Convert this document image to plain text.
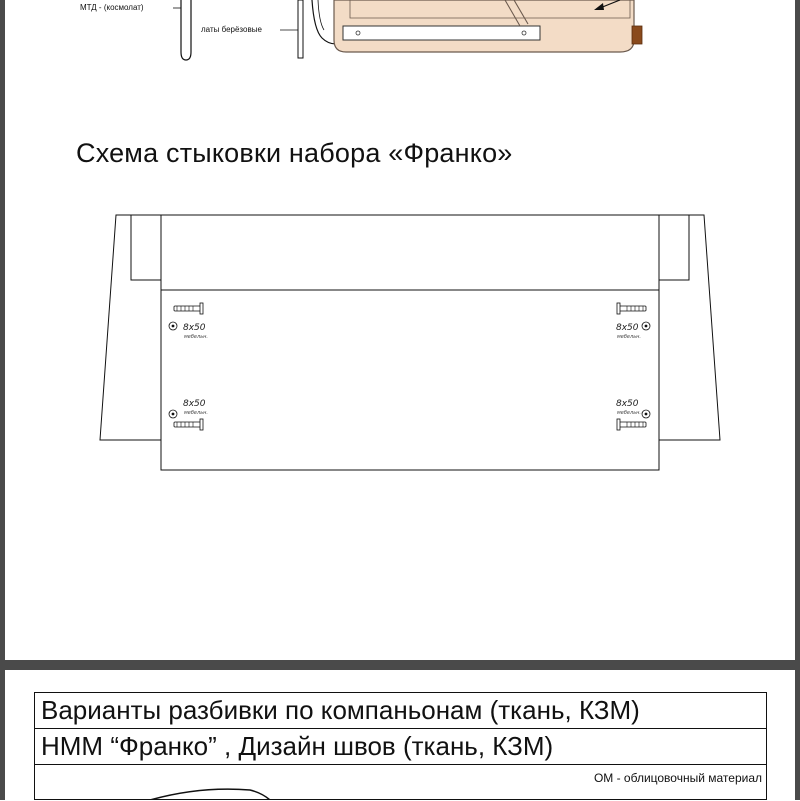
МТД - (космолат)
латы берёзовые
Схема стыковки набора «Франко»
8x50
мебельн.
8x50
мебельн.
8x50
мебельн.
8x50
мебельн.
Варианты разбивки по компаньонам (ткань, КЗМ)
НММ “Франко” , Дизайн швов (ткань, КЗМ)
ОМ - облицовочный материал
